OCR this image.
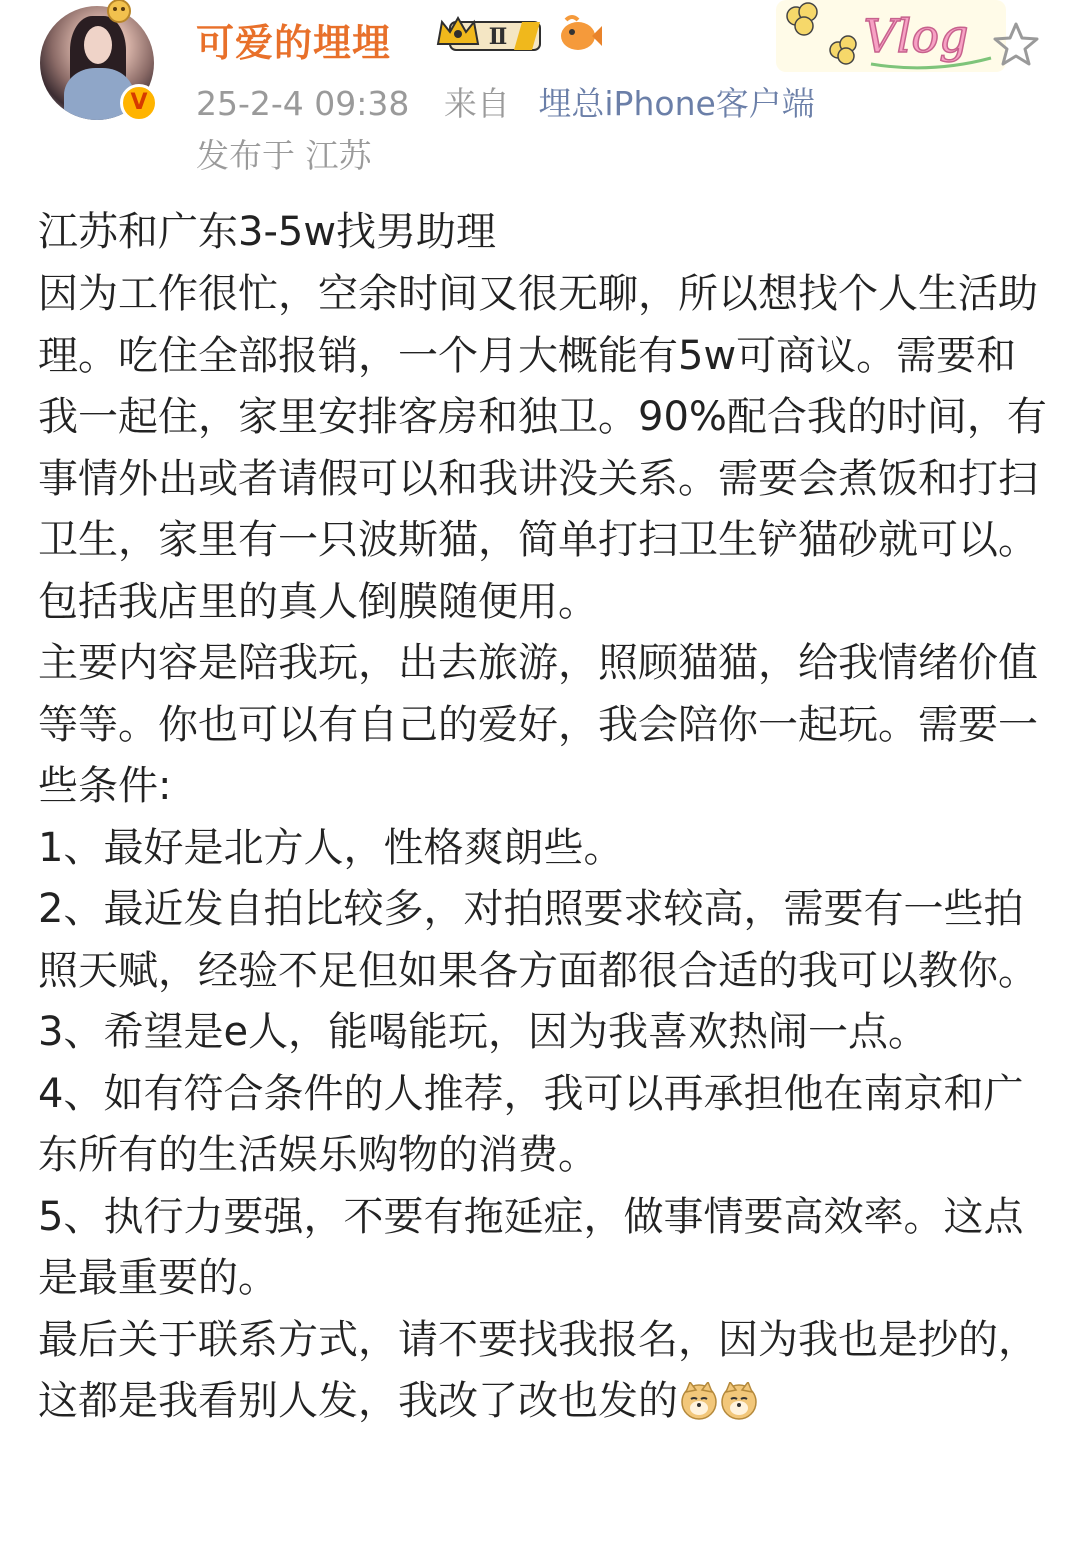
V
可爱的埋埋	Ⅱ	Vlog
25-2-4 09:38 来自 埋总iPhone客户端
发布于 江苏

江苏和广东3-5w找男助理

因为工作很忙，空余时间又很无聊，所以想找个人生活助理。吃住全部报销，一个月大概能有5w可商议。需要和我一起住，家里安排客房和独卫。90%配合我的时间，有事情外出或者请假可以和我讲没关系。需要会煮饭和打扫卫生，家里有一只波斯猫，简单打扫卫生铲猫砂就可以。包括我店里的真人倒膜随便用。

主要内容是陪我玩，出去旅游，照顾猫猫，给我情绪价值等等。你也可以有自己的爱好，我会陪你一起玩。需要一些条件:

1、最好是北方人，性格爽朗些。

2、最近发自拍比较多，对拍照要求较高，需要有一些拍照天赋，经验不足但如果各方面都很合适的我可以教你。

3、希望是e人，能喝能玩，因为我喜欢热闹一点。

4、如有符合条件的人推荐，我可以再承担他在南京和广东所有的生活娱乐购物的消费。

5、执行力要强，不要有拖延症，做事情要高效率。这点是最重要的。

最后关于联系方式，请不要找我报名，因为我也是抄的，这都是我看别人发，我改了改也发的
